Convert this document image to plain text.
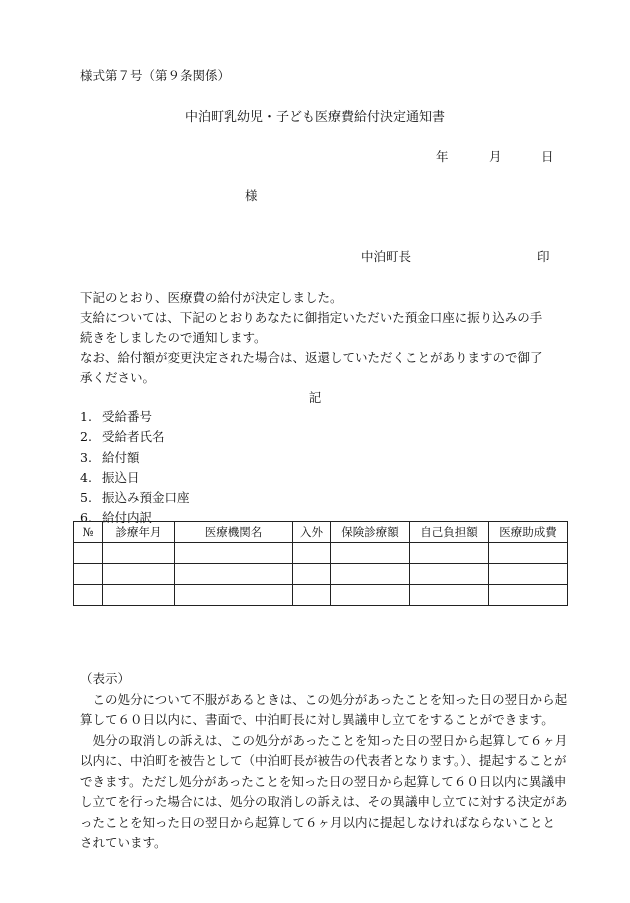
様式第７号（第９条関係）
中泊町乳幼児・子ども医療費給付決定通知書
年	月	日
様
中泊町長	印
下記のとおり、医療費の給付が決定しました。
支給については、下記のとおりあなたに御指定いただいた預金口座に振り込みの手
続きをしましたので通知します。
なお、給付額が変更決定された場合は、返還していただくことがありますので御了
承ください。
記
1. 受給番号
2. 受給者氏名
3. 給付額
4. 振込日
5. 振込み預金口座
6. 給付内訳
№	診療年月	医療機関名	入外	保険診療額	自己負担額	医療助成費

（表示）
　この処分について不服があるときは、この処分があったことを知った日の翌日から起
算して６０日以内に、書面で、中泊町長に対し異議申し立てをすることができます。
　処分の取消しの訴えは、この処分があったことを知った日の翌日から起算して６ヶ月
以内に、中泊町を被告として（中泊町長が被告の代表者となります。）、提起することが
できます。ただし処分があったことを知った日の翌日から起算して６０日以内に異議申
し立てを行った場合には、処分の取消しの訴えは、その異議申し立てに対する決定があ
ったことを知った日の翌日から起算して６ヶ月以内に提起しなければならないことと
されています。
